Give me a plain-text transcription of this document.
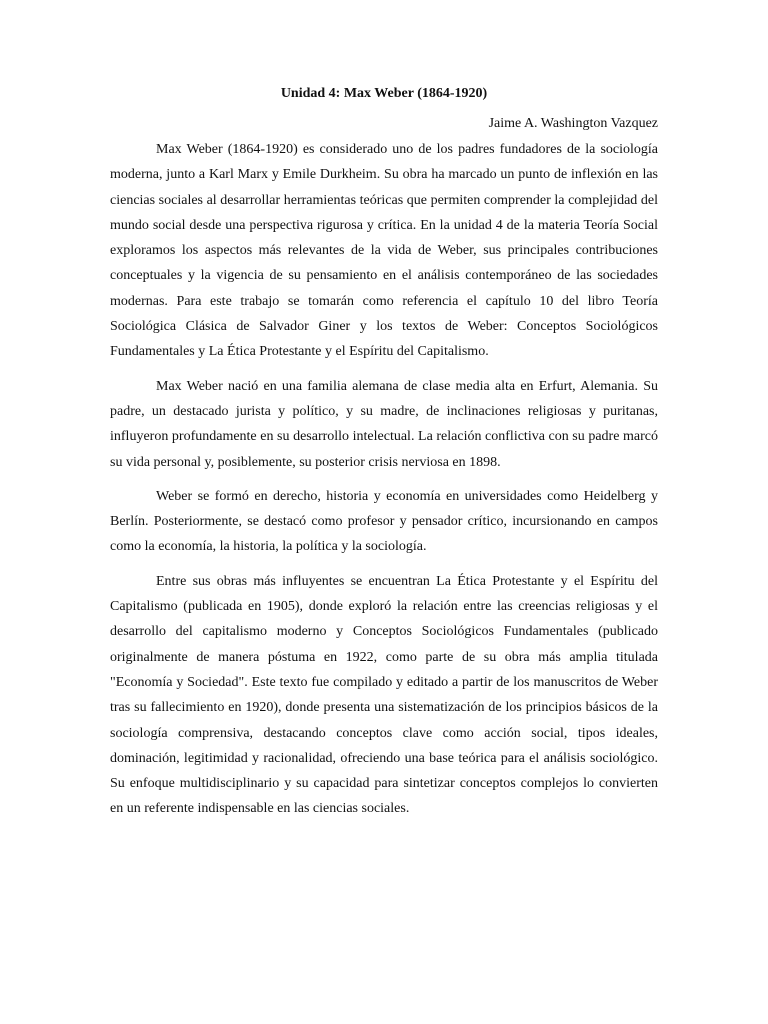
Unidad 4: Max Weber (1864-1920)

Jaime A. Washington Vazquez

Max Weber (1864-1920) es considerado uno de los padres fundadores de la sociología moderna, junto a Karl Marx y Emile Durkheim. Su obra ha marcado un punto de inflexión en las ciencias sociales al desarrollar herramientas teóricas que permiten comprender la complejidad del mundo social desde una perspectiva rigurosa y crítica. En la unidad 4 de la materia Teoría Social exploramos los aspectos más relevantes de la vida de Weber, sus principales contribuciones conceptuales y la vigencia de su pensamiento en el análisis contemporáneo de las sociedades modernas. Para este trabajo se tomarán como referencia el capítulo 10 del libro Teoría Sociológica Clásica de Salvador Giner y los textos de Weber: Conceptos Sociológicos Fundamentales y La Ética Protestante y el Espíritu del Capitalismo.

Max Weber nació en una familia alemana de clase media alta en Erfurt, Alemania. Su padre, un destacado jurista y político, y su madre, de inclinaciones religiosas y puritanas, influyeron profundamente en su desarrollo intelectual. La relación conflictiva con su padre marcó su vida personal y, posiblemente, su posterior crisis nerviosa en 1898.

Weber se formó en derecho, historia y economía en universidades como Heidelberg y Berlín. Posteriormente, se destacó como profesor y pensador crítico, incursionando en campos como la economía, la historia, la política y la sociología.

Entre sus obras más influyentes se encuentran La Ética Protestante y el Espíritu del Capitalismo (publicada en 1905), donde exploró la relación entre las creencias religiosas y el desarrollo del capitalismo moderno y Conceptos Sociológicos Fundamentales (publicado originalmente de manera póstuma en 1922, como parte de su obra más amplia titulada "Economía y Sociedad". Este texto fue compilado y editado a partir de los manuscritos de Weber tras su fallecimiento en 1920), donde presenta una sistematización de los principios básicos de la sociología comprensiva, destacando conceptos clave como acción social, tipos ideales, dominación, legitimidad y racionalidad, ofreciendo una base teórica para el análisis sociológico. Su enfoque multidisciplinario y su capacidad para sintetizar conceptos complejos lo convierten en un referente indispensable en las ciencias sociales.
